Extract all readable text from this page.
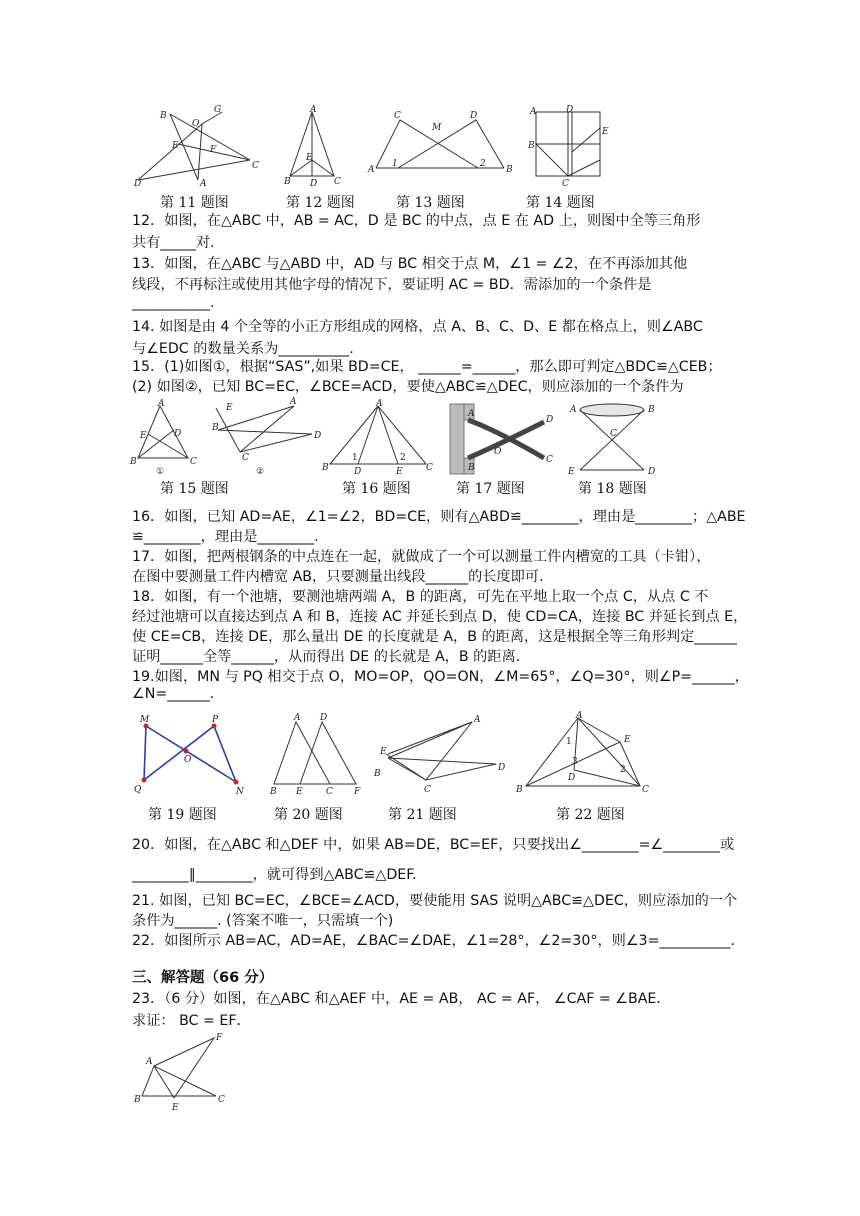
B
G
O
E	F
C
D	A
A
E
B D C
C
M
D
A	B
1	2
A	D
B
C
E
第 11 题图	第 12 题图	第 13 题图	第 14 题图
12．如图，在△ABC 中，AB = AC，D 是 BC 的中点，点 E 在 AD 上，则图中全等三角形
共有_____对.
13．如图，在△ABC 与△ABD 中，AD 与 BC 相交于点 M，∠1 = ∠2，在不再添加其他
线段，不再标注或使用其他字母的情况下，要证明 AC = BD．需添加的一个条件是
___________.
14. 如图是由 4 个全等的小正方形组成的网格，点 A、B、C、D、E 都在格点上，则∠ABC
与∠EDC 的数量关系为__________.
15．(1)如图①，根据“SAS”,如果 BD=CE， ______=______，那么即可判定△BDC≌△CEB；
(2) 如图②，已知 BC=EC，∠BCE=ACD，要使△ABC≌△DEC，则应添加的一个条件为
A
E	D
B	C
①
E
B
A
D
C
②
A
B	C
D	E
1	2
A
B
O
D
C
A	B
C
E	D
第 15 题图	第 16 题图	第 17 题图	第 18 题图
16．如图，已知 AD=AE，∠1=∠2，BD=CE，则有△ABD≌________，理由是________；△ABE
≌________，理由是________.
17．如图，把两根钢条的中点连在一起，就做成了一个可以测量工件内槽宽的工具（卡钳），
在图中要测量工件内槽宽 AB，只要测量出线段______的长度即可.
18．如图，有一个池塘，要测池塘两端 A，B 的距离，可先在平地上取一个点 C，从点 C 不
经过池塘可以直接达到点 A 和 B，连接 AC 并延长到点 D，使 CD=CA，连接 BC 并延长到点 E，
使 CE=CB，连接 DE，那么量出 DE 的长度就是 A，B 的距离，这是根据全等三角形判定______
证明______全等______，从而得出 DE 的长就是 A，B 的距离.
19.如图，MN 与 PQ 相交于点 O，MO=OP，QO=ON，∠M=65°，∠Q=30°，则∠P=______，
∠N=______.
M	P
O
Q	N
A D
B E	C F
E
A
B
C
D
A
E
D
B	C
1
3
2
第 19 题图	第 20 题图	第 21 题图	第 22 题图
20．如图，在△ABC 和△DEF 中，如果 AB=DE，BC=EF，只要找出∠________=∠________或
________∥________，就可得到△ABC≌△DEF.
21. 如图，已知 BC=EC，∠BCE=∠ACD，要使能用 SAS 说明△ABC≌△DEC，则应添加的一个
条件为______. (答案不唯一，只需填一个)
22．如图所示 AB=AC，AD=AE，∠BAC=∠DAE，∠1=28°，∠2=30°，则∠3=__________.
三、解答题（66 分）
23．（6 分）如图，在△ABC 和△AEF 中，AE = AB， AC = AF， ∠CAF = ∠BAE．
求证： BC = EF．
A
F
B
E
C
